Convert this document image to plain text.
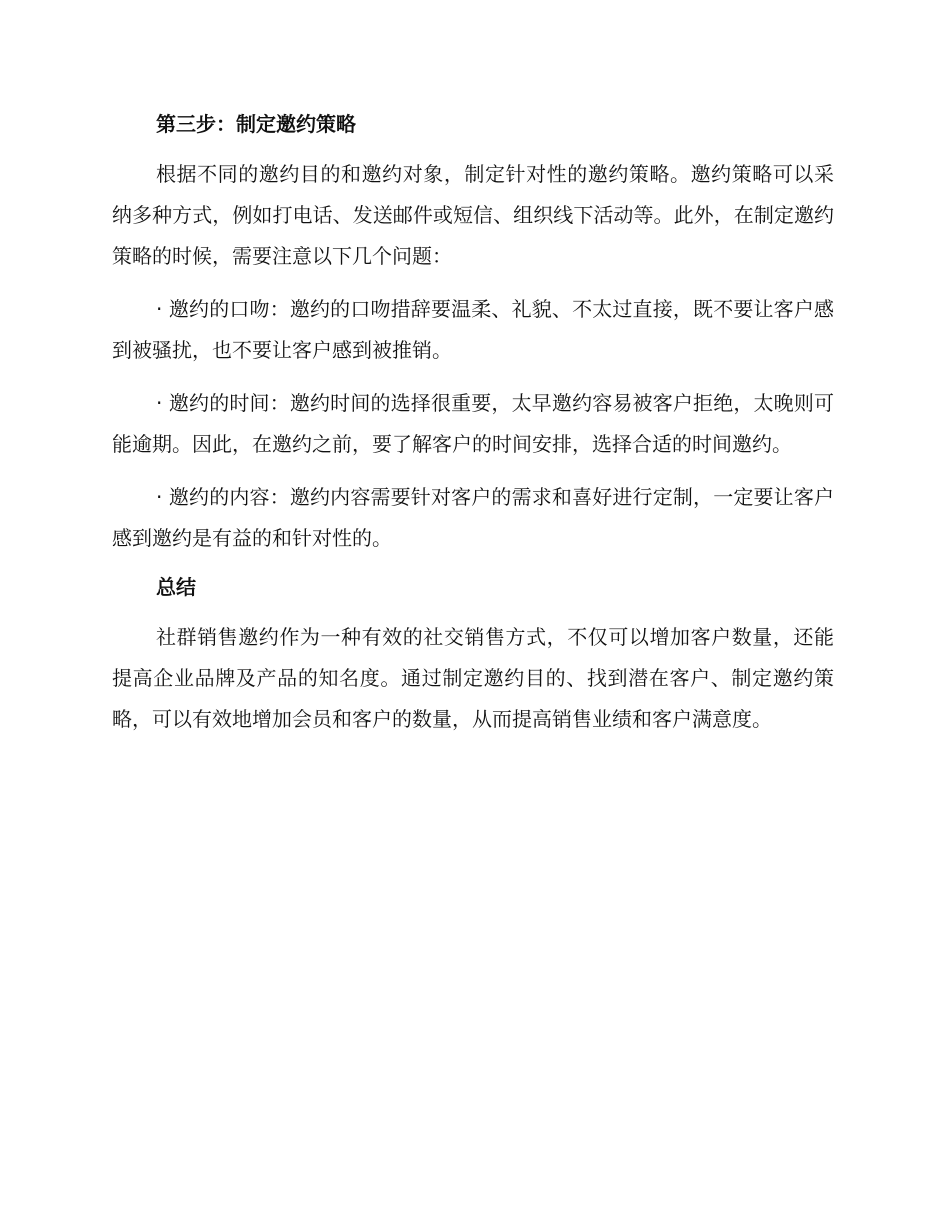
第三步：制定邀约策略

根据不同的邀约目的和邀约对象，制定针对性的邀约策略。邀约策略可以采纳多种方式，例如打电话、发送邮件或短信、组织线下活动等。此外，在制定邀约策略的时候，需要注意以下几个问题：

· 邀约的口吻：邀约的口吻措辞要温柔、礼貌、不太过直接，既不要让客户感到被骚扰，也不要让客户感到被推销。

· 邀约的时间：邀约时间的选择很重要，太早邀约容易被客户拒绝，太晚则可能逾期。因此，在邀约之前，要了解客户的时间安排，选择合适的时间邀约。

· 邀约的内容：邀约内容需要针对客户的需求和喜好进行定制，一定要让客户感到邀约是有益的和针对性的。

总结

社群销售邀约作为一种有效的社交销售方式，不仅可以增加客户数量，还能提高企业品牌及产品的知名度。通过制定邀约目的、找到潜在客户、制定邀约策略，可以有效地增加会员和客户的数量，从而提高销售业绩和客户满意度。
